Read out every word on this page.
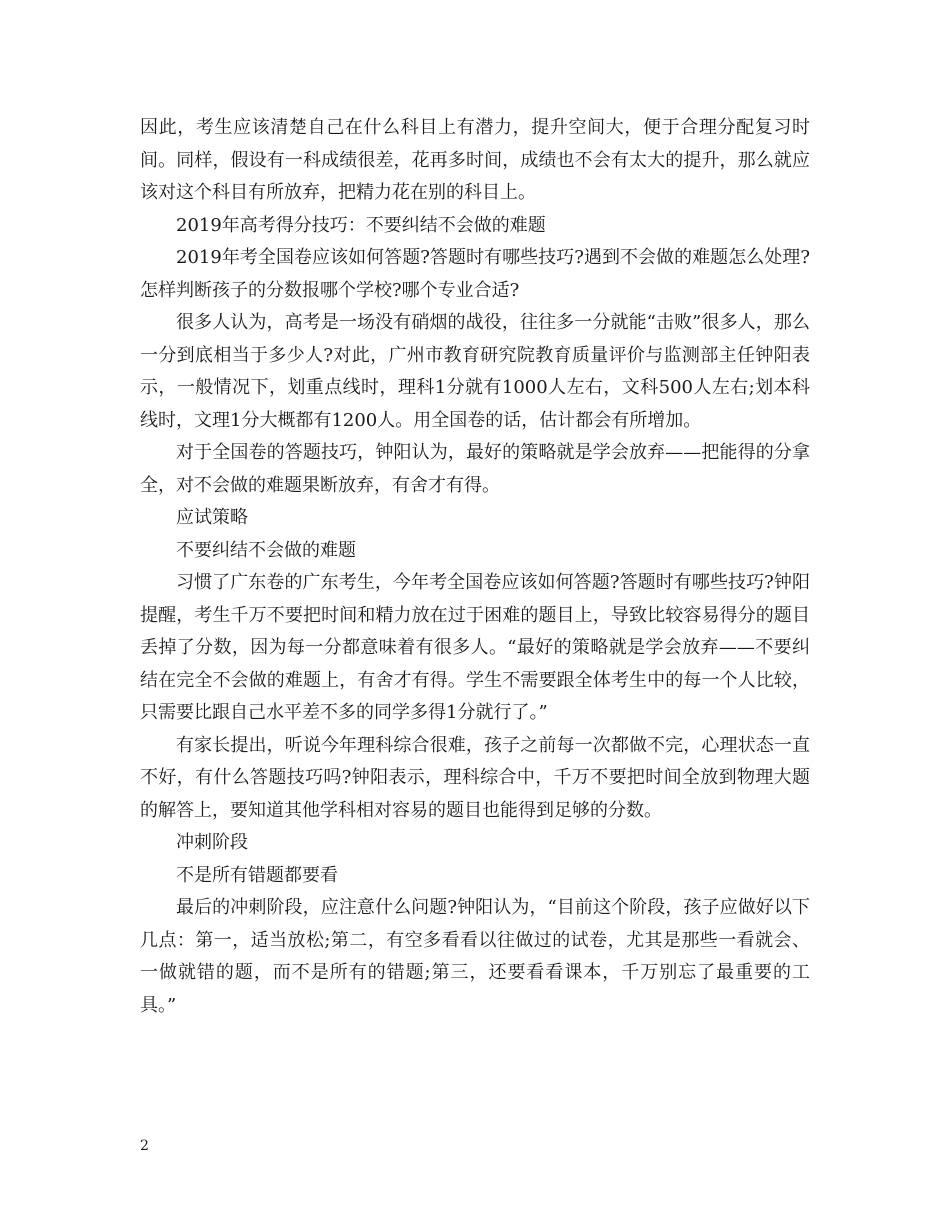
因此，考生应该清楚自己在什么科目上有潜力，提升空间大，便于合理分配复习时间。同样，假设有一科成绩很差，花再多时间，成绩也不会有太大的提升，那么就应该对这个科目有所放弃，把精力花在别的科目上。

2019年高考得分技巧：不要纠结不会做的难题

2019年考全国卷应该如何答题?答题时有哪些技巧?遇到不会做的难题怎么处理?怎样判断孩子的分数报哪个学校?哪个专业合适?

很多人认为，高考是一场没有硝烟的战役，往往多一分就能“击败”很多人，那么一分到底相当于多少人?对此，广州市教育研究院教育质量评价与监测部主任钟阳表示，一般情况下，划重点线时，理科1分就有1000人左右，文科500人左右;划本科线时，文理1分大概都有1200人。用全国卷的话，估计都会有所增加。

对于全国卷的答题技巧，钟阳认为，最好的策略就是学会放弃——把能得的分拿全，对不会做的难题果断放弃，有舍才有得。

应试策略

不要纠结不会做的难题

习惯了广东卷的广东考生，今年考全国卷应该如何答题?答题时有哪些技巧?钟阳提醒，考生千万不要把时间和精力放在过于困难的题目上，导致比较容易得分的题目丢掉了分数，因为每一分都意味着有很多人。“最好的策略就是学会放弃——不要纠结在完全不会做的难题上，有舍才有得。学生不需要跟全体考生中的每一个人比较，只需要比跟自己水平差不多的同学多得1分就行了。”

有家长提出，听说今年理科综合很难，孩子之前每一次都做不完，心理状态一直不好，有什么答题技巧吗?钟阳表示，理科综合中，千万不要把时间全放到物理大题的解答上，要知道其他学科相对容易的题目也能得到足够的分数。

冲刺阶段

不是所有错题都要看

最后的冲刺阶段，应注意什么问题?钟阳认为，“目前这个阶段，孩子应做好以下几点：第一，适当放松;第二，有空多看看以往做过的试卷，尤其是那些一看就会、一做就错的题，而不是所有的错题;第三，还要看看课本，千万别忘了最重要的工具。”

2
